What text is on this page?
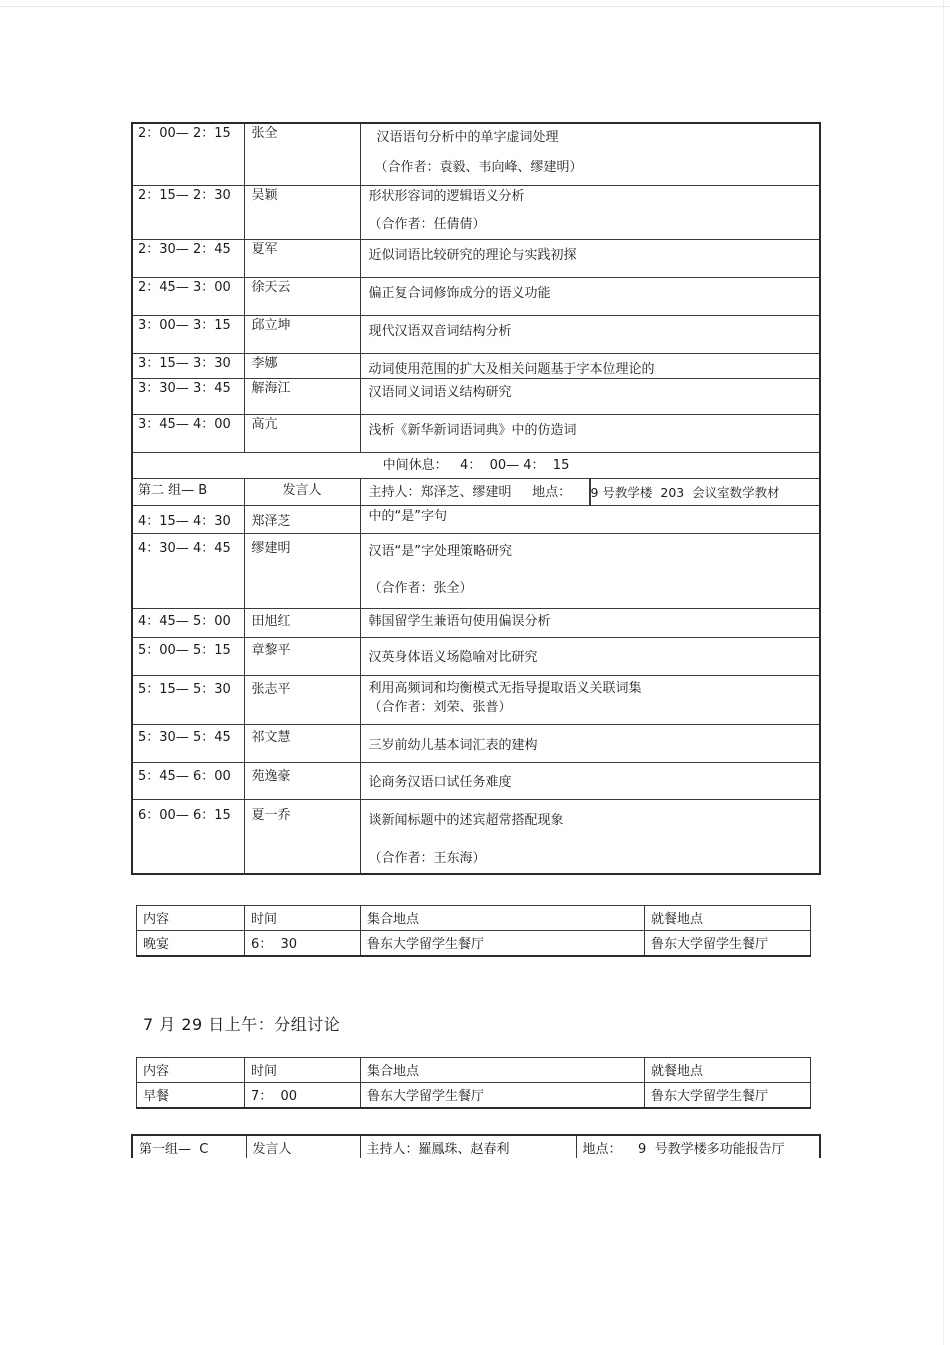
2：00— 2：15	张全	汉语语句分析中的单字虚词处理
（合作者：袁毅、韦向峰、缪建明）	

2：15— 2：30	吴颖	形状形容词的逻辑语义分析
（合作者：任倩倩）	

2：30— 2：45	夏军	近似词语比较研究的理论与实践初探	

2：45— 3：00	徐天云	偏正复合词修饰成分的语义功能	

3：00— 3：15	邱立坤	现代汉语双音词结构分析	

3：15— 3：30	李娜	动词使用范围的扩大及相关问题基于字本位理论的	

3：30— 3：45	解海江	汉语同义词语义结构研究	

3：45— 4：00	高亢	浅析《新华新词语词典》中的仿造词	

中间休息：   4：  00— 4：  15			
第二 组— B	发言人	主持人：郑泽芝、缪建明     地点：	9 号教学楼  203  会议室数学教材
4：15— 4：30	郑泽芝	中的“是”字句	

4：30— 4：45	缪建明	汉语“是”字处理策略研究
（合作者：张全）	

4：45— 5：00	田旭红	韩国留学生兼语句使用偏误分析	

5：00— 5：15	章黎平	汉英身体语义场隐喻对比研究	

5：15— 5：30	张志平	利用高频词和均衡模式无指导提取语义关联词集
（合作者：刘荣、张普）	

5：30— 5：45	祁文慧	三岁前幼儿基本词汇表的建构	

5：45— 6：00	苑逸豪	论商务汉语口试任务难度	

6：00— 6：15	夏一乔	谈新闻标题中的述宾超常搭配现象
（合作者：王东海）	
内容	时间	集合地点	就餐地点
晚宴	6：  30	鲁东大学留学生餐厅	鲁东大学留学生餐厅
7 月 29 日上午：分组讨论
内容	时间	集合地点	就餐地点
早餐	7：  00	鲁东大学留学生餐厅	鲁东大学留学生餐厅
第一组—  C	发言人	主持人：羅鳳珠、赵春利	地点：    9  号教学楼多功能报告厅
